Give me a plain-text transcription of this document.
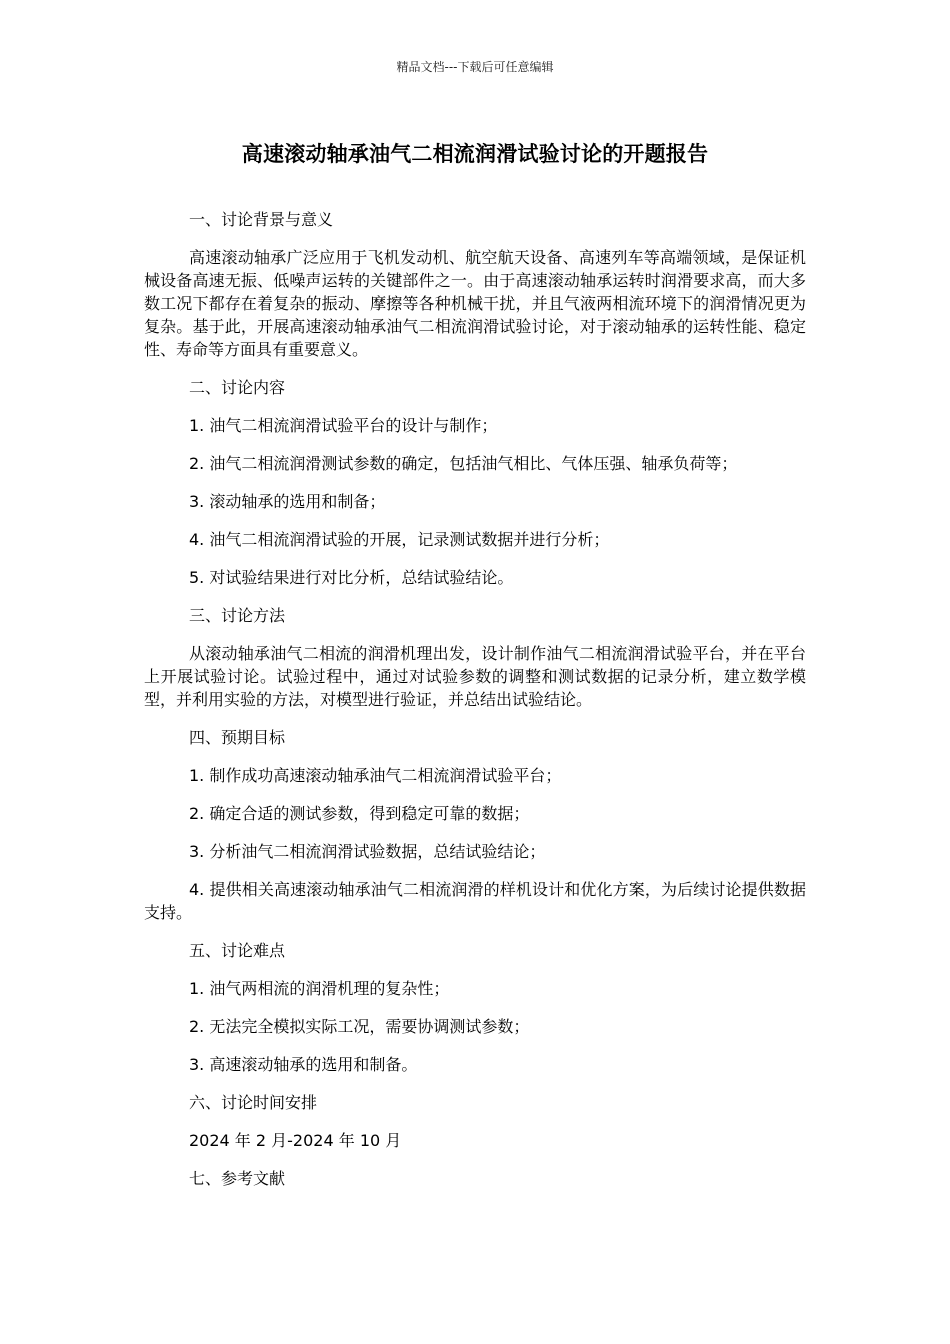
精品文档---下载后可任意编辑
高速滚动轴承油气二相流润滑试验讨论的开题报告

一、讨论背景与意义

高速滚动轴承广泛应用于飞机发动机、航空航天设备、高速列车等高端领域，是保证机械设备高速无振、低噪声运转的关键部件之一。由于高速滚动轴承运转时润滑要求高，而大多数工况下都存在着复杂的振动、摩擦等各种机械干扰，并且气液两相流环境下的润滑情况更为复杂。基于此，开展高速滚动轴承油气二相流润滑试验讨论，对于滚动轴承的运转性能、稳定性、寿命等方面具有重要意义。

二、讨论内容

1. 油气二相流润滑试验平台的设计与制作；

2. 油气二相流润滑测试参数的确定，包括油气相比、气体压强、轴承负荷等；

3. 滚动轴承的选用和制备；

4. 油气二相流润滑试验的开展，记录测试数据并进行分析；

5. 对试验结果进行对比分析，总结试验结论。

三、讨论方法

从滚动轴承油气二相流的润滑机理出发，设计制作油气二相流润滑试验平台，并在平台上开展试验讨论。试验过程中，通过对试验参数的调整和测试数据的记录分析，建立数学模型，并利用实验的方法，对模型进行验证，并总结出试验结论。

四、预期目标

1. 制作成功高速滚动轴承油气二相流润滑试验平台；

2. 确定合适的测试参数，得到稳定可靠的数据；

3. 分析油气二相流润滑试验数据，总结试验结论；

4. 提供相关高速滚动轴承油气二相流润滑的样机设计和优化方案，为后续讨论提供数据支持。

五、讨论难点

1. 油气两相流的润滑机理的复杂性；

2. 无法完全模拟实际工况，需要协调测试参数；

3. 高速滚动轴承的选用和制备。

六、讨论时间安排

2024 年 2 月-2024 年 10 月

七、参考文献
